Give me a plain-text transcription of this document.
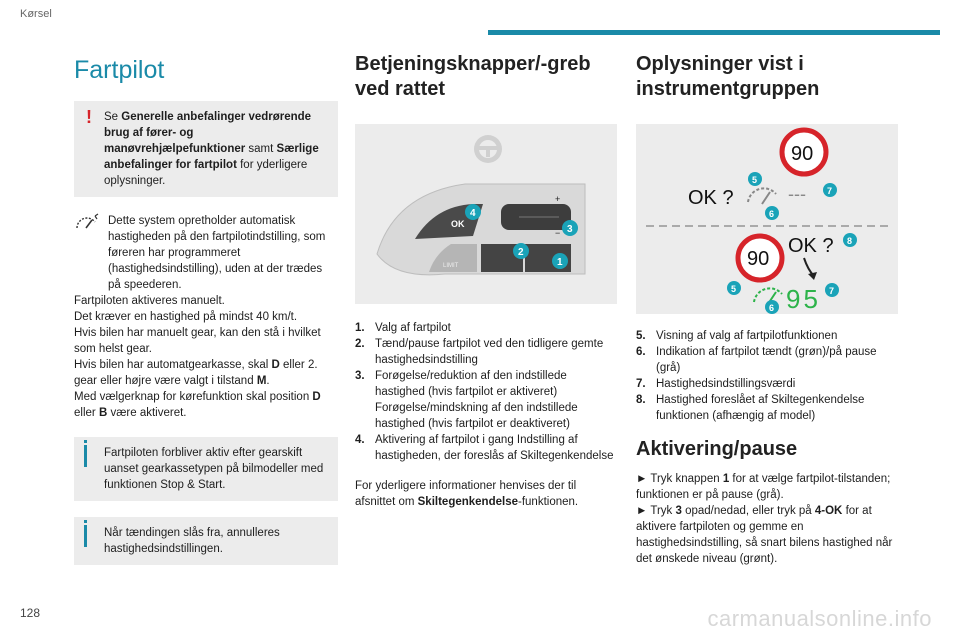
Kørsel
Fartpilot
!	Se Generelle anbefalinger vedrørende brug af fører- og manøvrehjælpefunktioner samt Særlige anbefalinger for fartpilot for yderligere oplysninger.
Dette system opretholder automatisk hastigheden på den fartpilotindstilling, som føreren har programmeret (hastighedsindstilling), uden at der trædes på speederen.
Fartpiloten aktiveres manuelt.
Det kræver en hastighed på mindst 40 km/t.
Hvis bilen har manuelt gear, kan den stå i hvilket som helst gear.
Hvis bilen har automatgearkasse, skal D eller 2. gear eller højre være valgt i tilstand M.
Med vælgerknap for kørefunktion skal position D eller B være aktiveret.
Fartpiloten forbliver aktiv efter gearskift uanset gearkassetypen på bilmodeller med funktionen Stop & Start.
Når tændingen slås fra, annulleres hastighedsindstillingen.
Betjeningsknapper/-greb ved rattet
OK
+
−
LIMIT	1
2
3
4
1. Valg af fartpilot
2. Tænd/pause fartpilot ved den tidligere gemte hastighedsindstilling
3. Forøgelse/reduktion af den indstillede hastighed (hvis fartpilot er aktiveret) Forøgelse/mindskning af den indstillede hastighed (hvis fartpilot er deaktiveret)
4. Aktivering af fartpilot i gang Indstilling af hastigheden, der foreslås af Skiltegenkendelse
For yderligere informationer henvises der til afsnittet om Skiltegenkendelse-funktionen.
Oplysninger vist i instrumentgruppen
90
OK ?	---
5
6
7
90
OK ? 8
95
5
6
7
5. Visning af valg af fartpilotfunktionen
6. Indikation af fartpilot tændt (grøn)/på pause (grå)
7. Hastighedsindstillingsværdi
8. Hastighed foreslået af Skiltegenkendelse funktionen (afhængig af model)
Aktivering/pause
► Tryk knappen 1 for at vælge fartpilot-tilstanden; funktionen er på pause (grå).
► Tryk 3 opad/nedad, eller tryk på 4-OK for at aktivere fartpiloten og gemme en hastighedsindstilling, så snart bilens hastighed når det ønskede niveau (grønt).
128	carmanualsonline.info
